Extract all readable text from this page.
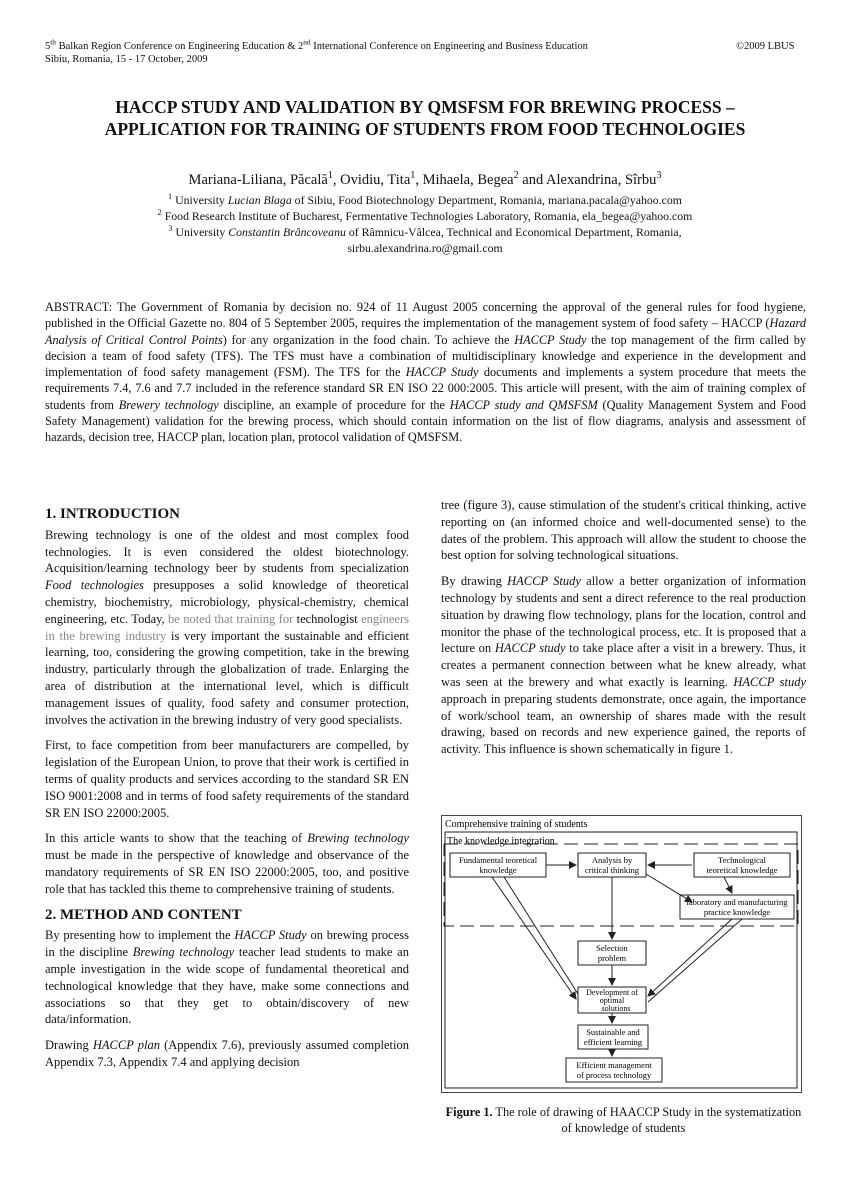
5th Balkan Region Conference on Engineering Education & 2nd International Conference on Engineering and Business Education	©2009 LBUS
Sibiu, Romania, 15 - 17 October, 2009
HACCP STUDY AND VALIDATION BY QMSFSM FOR BREWING PROCESS –
APPLICATION FOR TRAINING OF STUDENTS FROM FOOD TECHNOLOGIES
Mariana-Liliana, Păcală$^1$, Ovidiu, Tita$^1$, Mihaela, Begea$^2$ and Alexandrina, Sîrbu$^3$
$^1$ University Lucian Blaga of Sibiu, Food Biotechnology Department, Romania, mariana.pacala@yahoo.com
$^2$ Food Research Institute of Bucharest, Fermentative Technologies Laboratory, Romania, ela_begea@yahoo.com
$^3$ University Constantin Brâncoveanu of Râmnicu-Vâlcea, Technical and Economical Department, Romania,
sirbu.alexandrina.ro@gmail.com
ABSTRACT: The Government of Romania by decision no. 924 of 11 August 2005 concerning the approval of the general rules for food hygiene, published in the Official Gazette no. 804 of 5 September 2005, requires the implementation of the management system of food safety – HACCP (Hazard Analysis of Critical Control Points) for any organization in the food chain. To achieve the HACCP Study the top management of the firm called by decision a team of food safety (TFS). The TFS must have a combination of multidisciplinary knowledge and experience in the development and implementation of food safety management (FSM). The TFS for the HACCP Study documents and implements a system procedure that meets the requirements 7.4, 7.6 and 7.7 included in the reference standard SR EN ISO 22 000:2005. This article will present, with the aim of training complex of students from Brewery technology discipline, an example of procedure for the HACCP study and QMSFSM (Quality Management System and Food Safety Management) validation for the brewing process, which should contain information on the list of flow diagrams, analysis and assessment of hazards, decision tree, HACCP plan, location plan, protocol validation of QMSFSM.
1. INTRODUCTION

Brewing technology is one of the oldest and most complex food technologies. It is even considered the oldest biotechnology. Acquisition/learning technology beer by students from specialization Food technologies presupposes a solid knowledge of theoretical chemistry, biochemistry, microbiology, physical-chemistry, chemical engineering, etc. Today, be noted that training for technologist engineers in the brewing industry is very important the sustainable and efficient learning, too, considering the growing competition, take in the brewing industry, particularly through the globalization of trade. Enlarging the area of distribution at the international level, which is difficult management issues of quality, food safety and consumer protection, involves the activation in the brewing industry of very good specialists.

First, to face competition from beer manufacturers are compelled, by legislation of the European Union, to prove that their work is certified in terms of quality products and services according to the standard SR EN ISO 9001:2008 and in terms of food safety requirements of the standard SR EN ISO 22000:2005.

In this article wants to show that the teaching of Brewing technology must be made in the perspective of knowledge and observance of the mandatory requirements of SR EN ISO 22000:2005, too, and positive role that has tackled this theme to comprehensive training of students.

2. METHOD AND CONTENT

By presenting how to implement the HACCP Study on brewing process in the discipline Brewing technology teacher lead students to make an ample investigation in the wide scope of fundamental theoretical and technological knowledge that they have, make some connections and associations so that they get to obtain/discovery of new data/information.

Drawing HACCP plan (Appendix 7.6), previously assumed completion Appendix 7.3, Appendix 7.4 and applying decision

tree (figure 3), cause stimulation of the student's critical thinking, active reporting on (an informed choice and well-documented sense) to the dates of the problem. This approach will allow the student to choose the best option for solving technological situations.

By drawing HACCP Study allow a better organization of information technology by students and sent a direct reference to the real production situation by drawing flow technology, plans for the location, control and monitor the phase of the technological process, etc. It is proposed that a lecture on HACCP study to take place after a visit in a brewery. Thus, it creates a permanent connection between what he knew already, what was seen at the brewery and what exactly is learning. HACCP study approach in preparing students demonstrate, once again, the importance of work/school team, an ownership of shares made with the result drawing, based on records and new experience gained, the reports of activity. This influence is shown schematically in figure 1.

Comprehensive training of students
The knowledge integration
Fundamental teoretical
knowledge
Analysis by
critical thinking
Technological
teoretical knowledge
laboratory and manufacturing
practice knowledge
Selection
problem
Development of
optimal
solutions
Sustainable and
efficient learning
Efficient management
of process technology
Figure 1. The role of drawing of HAACCP Study in the systematization of knowledge of students
